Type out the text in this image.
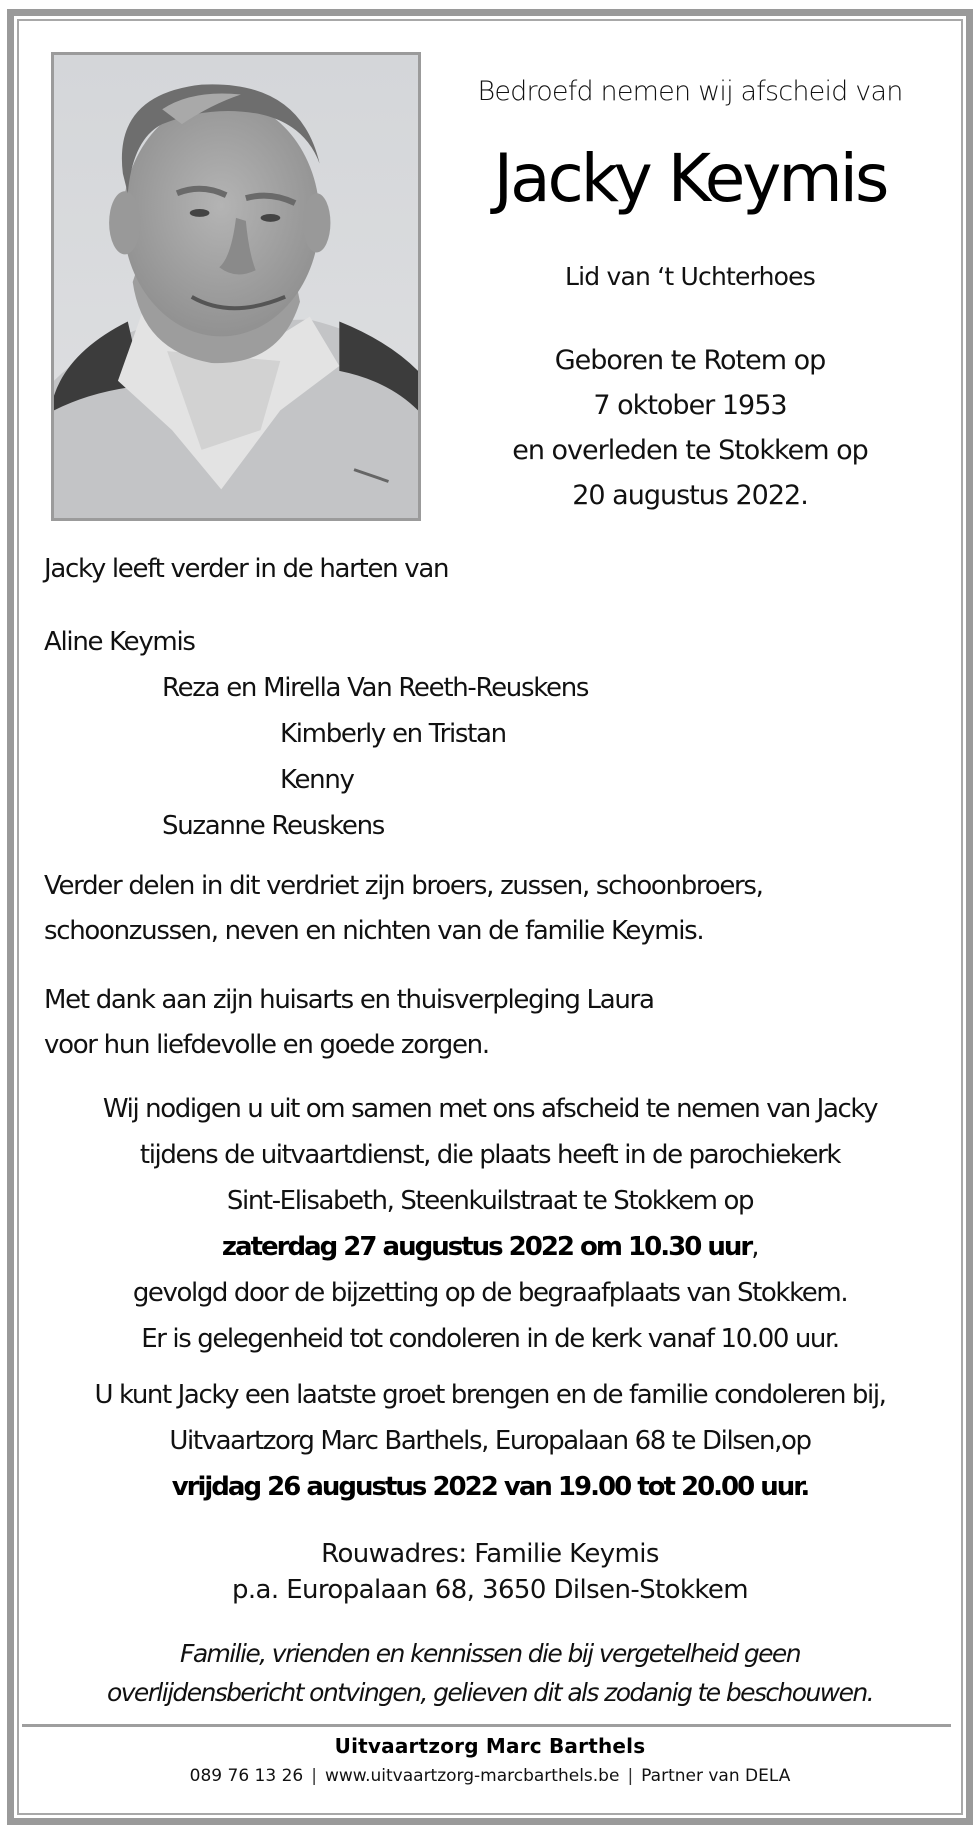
Bedroefd nemen wij afscheid van
Jacky Keymis
Lid van ‘t Uchterhoes
Geboren te Rotem op
7 oktober 1953
en overleden te Stokkem op
20 augustus 2022.
Jacky leeft verder in de harten van
Aline Keymis
Reza en Mirella Van Reeth-Reuskens
Kimberly en Tristan
Kenny
Suzanne Reuskens
Verder delen in dit verdriet zijn broers, zussen, schoonbroers,
schoonzussen, neven en nichten van de familie Keymis.
Met dank aan zijn huisarts en thuisverpleging Laura
voor hun liefdevolle en goede zorgen.
Wij nodigen u uit om samen met ons afscheid te nemen van Jacky
tijdens de uitvaartdienst, die plaats heeft in de parochiekerk
Sint-Elisabeth, Steenkuilstraat te Stokkem op
zaterdag 27 augustus 2022 om 10.30 uur,
gevolgd door de bijzetting op de begraafplaats van Stokkem.
Er is gelegenheid tot condoleren in de kerk vanaf 10.00 uur.
U kunt Jacky een laatste groet brengen en de familie condoleren bij,
Uitvaartzorg Marc Barthels, Europalaan 68 te Dilsen,op
vrijdag 26 augustus 2022 van 19.00 tot 20.00 uur.
Rouwadres: Familie Keymis
p.a. Europalaan 68, 3650 Dilsen-Stokkem
Familie, vrienden en kennissen die bij vergetelheid geen
overlijdensbericht ontvingen, gelieven dit als zodanig te beschouwen.
Uitvaartzorg Marc Barthels
089 76 13 26 | www.uitvaartzorg-marcbarthels.be | Partner van DELA
